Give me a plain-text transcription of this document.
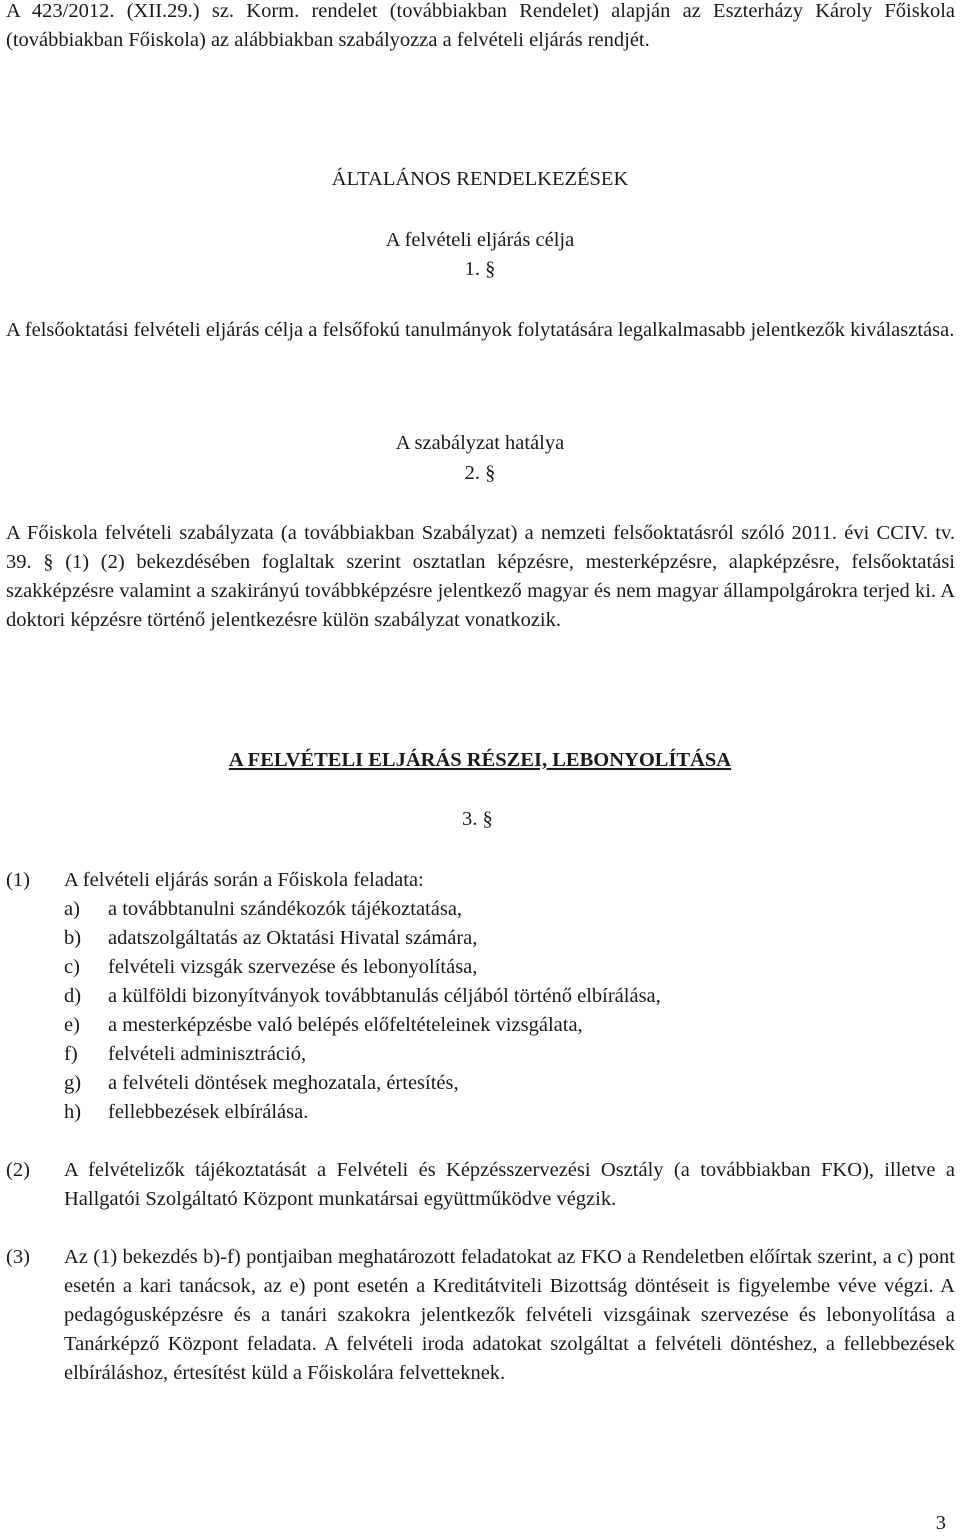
A 423/2012. (XII.29.) sz. Korm. rendelet (továbbiakban Rendelet) alapján az Eszterházy Károly Főiskola (továbbiakban Főiskola) az alábbiakban szabályozza a felvételi eljárás rendjét.

ÁLTALÁNOS RENDELKEZÉSEK

A felvételi eljárás célja

1. §

A felsőoktatási felvételi eljárás célja a felsőfokú tanulmányok folytatására legalkalmasabb jelentkezők kiválasztása.

A szabályzat hatálya

2. §

A Főiskola felvételi szabályzata (a továbbiakban Szabályzat) a nemzeti felsőoktatásról szóló 2011. évi CCIV. tv. 39. § (1) (2) bekezdésében foglaltak szerint osztatlan képzésre, mesterképzésre, alapképzésre, felsőoktatási szakképzésre valamint a szakirányú továbbképzésre jelentkező magyar és nem magyar állampolgárokra terjed ki. A doktori képzésre történő jelentkezésre külön szabályzat vonatkozik.

A FELVÉTELI ELJÁRÁS RÉSZEI, LEBONYOLÍTÁSA

3. §

(1) A felvételi eljárás során a Főiskola feladata:
a) a továbbtanulni szándékozók tájékoztatása,
b) adatszolgáltatás az Oktatási Hivatal számára,
c) felvételi vizsgák szervezése és lebonyolítása,
d) a külföldi bizonyítványok továbbtanulás céljából történő elbírálása,
e) a mesterképzésbe való belépés előfeltételeinek vizsgálata,
f) felvételi adminisztráció,
g) a felvételi döntések meghozatala, értesítés,
h) fellebbezések elbírálása.
(2) A felvételizők tájékoztatását a Felvételi és Képzésszervezési Osztály (a továbbiakban FKO), illetve a Hallgatói Szolgáltató Központ munkatársai együttműködve végzik.
(3) Az (1) bekezdés b)-f) pontjaiban meghatározott feladatokat az FKO a Rendeletben előírtak szerint, a c) pont esetén a kari tanácsok, az e) pont esetén a Kreditátviteli Bizottság döntéseit is figyelembe véve végzi. A pedagógusképzésre és a tanári szakokra jelentkezők felvételi vizsgáinak szervezése és lebonyolítása a Tanárképző Központ feladata. A felvételi iroda adatokat szolgáltat a felvételi döntéshez, a fellebbezések elbíráláshoz, értesítést küld a Főiskolára felvetteknek.
3
